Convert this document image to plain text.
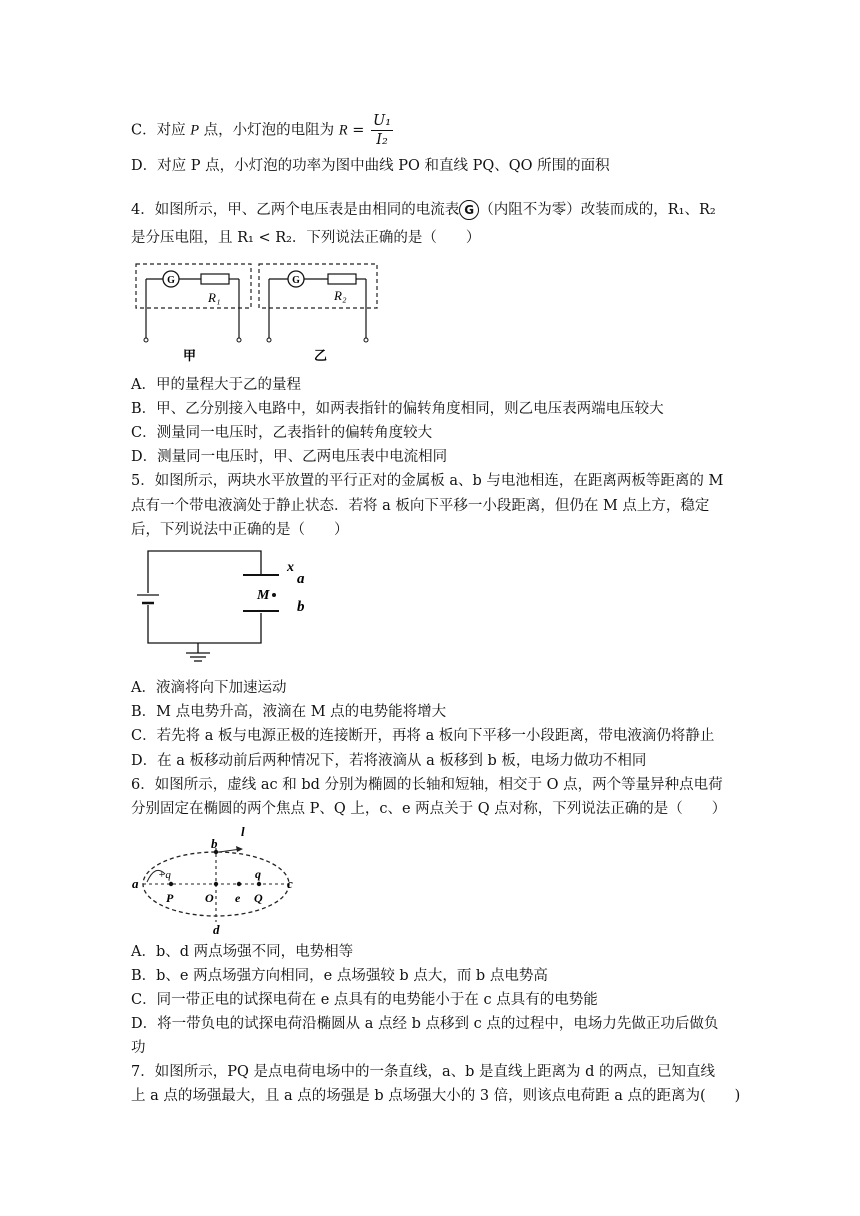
C．对应 P 点，小灯泡的电阻为 $R = \frac{\text{U₁}}{\text{I₂}}$
D．对应 P 点，小灯泡的功率为图中曲线 PO 和直线 PQ、QO 所围的面积
4．如图所示，甲、乙两个电压表是由相同的电流表 G （内阻不为零）改装而成的，R₁、R₂
是分压电阻，且 R₁ < R₂．下列说法正确的是（　　）
G
R₁
甲
G
R₂
乙
A．甲的量程大于乙的量程
B．甲、乙分别接入电路中，如两表指针的偏转角度相同，则乙电压表两端电压较大
C．测量同一电压时，乙表指针的偏转角度较大
D．测量同一电压时，甲、乙两电压表中电流相同
5．如图所示，两块水平放置的平行正对的金属板 a、b 与电池相连，在距离两板等距离的 M
点有一个带电液滴处于静止状态．若将 a 板向下平移一小段距离，但仍在 M 点上方，稳定
后，下列说法中正确的是（　　）
x
a
M
b
A．液滴将向下加速运动
B．M 点电势升高，液滴在 M 点的电势能将增大
C．若先将 a 板与电源正极的连接断开，再将 a 板向下平移一小段距离，带电液滴仍将静止
D．在 a 板移动前后两种情况下，若将液滴从 a 板移到 b 板，电场力做功不相同
6．如图所示，虚线 ac 和 bd 分别为椭圆的长轴和短轴，相交于 O 点，两个等量异种点电荷
分别固定在椭圆的两个焦点 P、Q 上，c、e 两点关于 Q 点对称，下列说法正确的是（　　）
l
b
a
+q	q
c
P	O e Q
d
A．b、d 两点场强不同，电势相等
B．b、e 两点场强方向相同，e 点场强较 b 点大，而 b 点电势高
C．同一带正电的试探电荷在 e 点具有的电势能小于在 c 点具有的电势能
D．将一带负电的试探电荷沿椭圆从 a 点经 b 点移到 c 点的过程中，电场力先做正功后做负
功
7．如图所示，PQ 是点电荷电场中的一条直线，a、b 是直线上距离为 d 的两点，已知直线
上 a 点的场强最大，且 a 点的场强是 b 点场强大小的 3 倍，则该点电荷距 a 点的距离为(　　)
